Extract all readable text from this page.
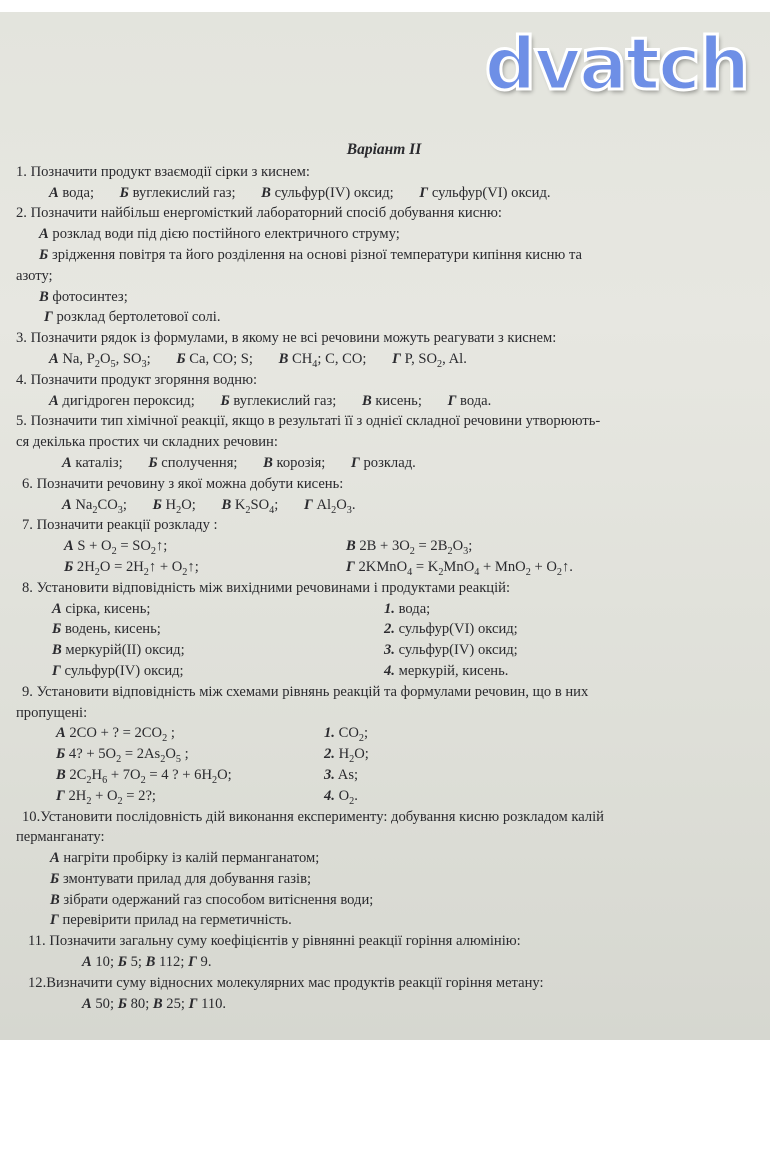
dvatch
Варіант II
1. Позначити продукт взаємодії сірки з киснем:
А вода; Б вуглекислий газ; В сульфур(IV) оксид; Г сульфур(VI) оксид.
2. Позначити найбільш енергомісткий лабораторний спосіб добування кисню:
А розклад води під дією постійного електричного струму;
Б зрідження повітря та його розділення на основі різної температури кипіння кисню та
азоту;
В фотосинтез;
Г розклад бертолетової солі.
3. Позначити рядок із формулами, в якому не всі речовини можуть реагувати з киснем:
А Na, $P_2O_5$, $SO_3$; Б Ca, CO; S; В $CH_4$; C, CO; Г P, $SO_2$, Al.
4. Позначити продукт згоряння водню:
А дигідроген пероксид; Б вуглекислий газ; В кисень; Г вода.
5. Позначити тип хімічної реакції, якщо в результаті її з однієї складної речовини утворюють-
ся декілька простих чи складних речовин:
А каталіз; Б сполучення; В корозія; Г розклад.
6. Позначити речовину з якої можна добути кисень:
А $Na_2CO_3$; Б $H_2O$; В $K_2SO_4$; Г $Al_2O_3$.
7. Позначити реакції розкладу :
А $S + O_2$ = $SO_2↑$;	В $2B + 3O_2 = 2B_2O_3$;
Б $2H_2O$ = $2H_2↑$ + $O_2↑$;	Г 2KMnO$_4$ = $K_2MnO_4 + MnO_2$ + $O_2↑$.
8. Установити відповідність між вихідними речовинами і продуктами реакцій:
А сірка, кисень;	1. вода;
Б водень, кисень;	2. сульфур(VI) оксид;
В меркурій(II) оксид;	3. сульфур(IV) оксид;
Г сульфур(IV) оксид;	4. меркурій, кисень.
9. Установити відповідність між схемами рівнянь реакцій та формулами речовин, що в них
пропущені:
А 2CO + ? = $2CO_2$ ;	1. $CO_2$;
Б 4? + $5O_2 = 2As_2O_5$ ;	2. $H_2O$;
В $2C_2H_6 + 7O_2 = 4$ ? + $6H_2O$;	3. As;
Г $2H_2 + O_2 = 2$?;	4. $O_2$.
10.Установити послідовність дій виконання експерименту: добування кисню розкладом калій
перманганату:
А нагріти пробірку із калій перманганатом;
Б змонтувати прилад для добування газів;
В зібрати одержаний газ способом витіснення води;
Г перевірити прилад на герметичність.
11. Позначити загальну суму коефіцієнтів у рівнянні реакції горіння алюмінію:
А 10; Б 5; В 112; Г 9.
12.Визначити суму відносних молекулярних мас продуктів реакції горіння метану:
А 50; Б 80; В 25; Г 110.
